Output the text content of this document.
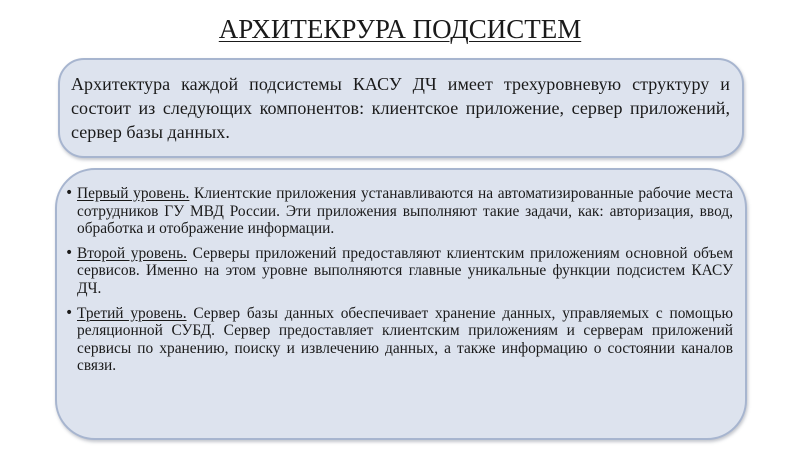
АРХИТЕКРУРА ПОДСИСТЕМ

Архитектура каждой подсистемы КАСУ ДЧ имеет трехуровневую структуру и состоит из следующих компонентов: клиентское приложение, сервер приложений, сервер базы данных.

• Первый уровень. Клиентские приложения устанавливаются на автоматизированные рабочие места сотрудников ГУ МВД России. Эти приложения выполняют такие задачи, как: авторизация, ввод, обработка и отображение информации.
• Второй уровень. Серверы приложений предоставляют клиентским приложениям основной объем сервисов. Именно на этом уровне выполняются главные уникальные функции подсистем КАСУ ДЧ.
• Третий уровень. Сервер базы данных обеспечивает хранение данных, управляемых с помощью реляционной СУБД. Сервер предоставляет клиентским приложениям и серверам приложений сервисы по хранению, поиску и извлечению данных, а также информацию о состоянии каналов связи.
